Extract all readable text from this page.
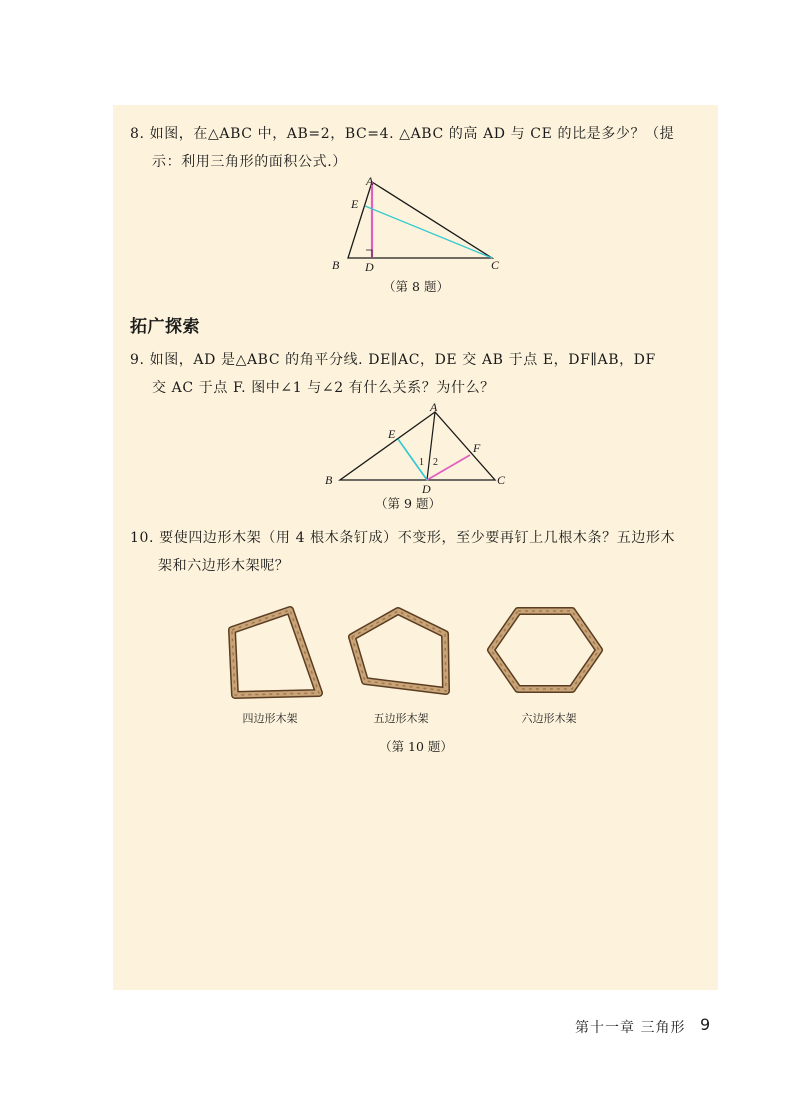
8. 如图，在△ABC 中，AB=2，BC=4. △ABC 的高 AD 与 CE 的比是多少？（提
示：利用三角形的面积公式.）
A
E
B D	C
（第 8 题）
拓广探索
9. 如图，AD 是△ABC 的角平分线. DE∥AC，DE 交 AB 于点 E，DF∥AB，DF
交 AC 于点 F. 图中∠1 与∠2 有什么关系？为什么？
A
E
F
B
D
C
1 2
（第 9 题）
10. 要使四边形木架（用 4 根木条钉成）不变形，至少要再钉上几根木条？五边形木
架和六边形木架呢？
四边形木架	五边形木架	六边形木架
（第 10 题）
第十一章 三角形 9
